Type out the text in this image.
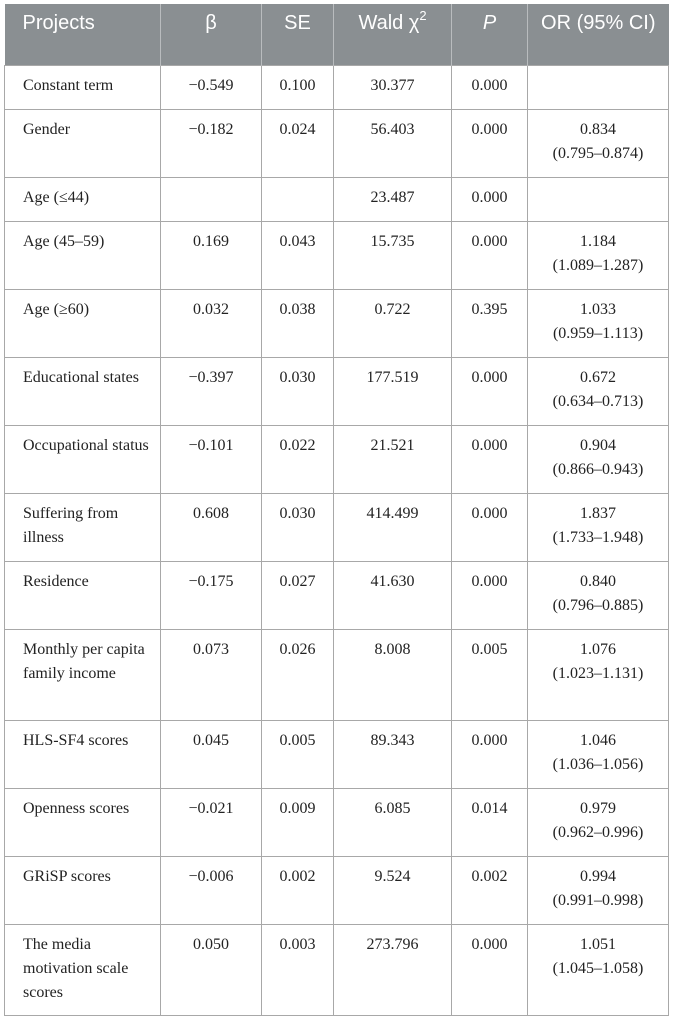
Projects	β	SE	Wald $\chi^2$	P	OR (95% CI)
Constant term	−0.549	0.100	30.377	0.000	

Gender	−0.182	0.024	56.403	0.000	0.834
(0.795–0.874)

Age (≤44)			23.487	0.000	

Age (45–59)	0.169	0.043	15.735	0.000	1.184
(1.089–1.287)

Age (≥60)	0.032	0.038	0.722	0.395	1.033
(0.959–1.113)

Educational states	−0.397	0.030	177.519	0.000	0.672
(0.634–0.713)

Occupational status	−0.101	0.022	21.521	0.000	0.904
(0.866–0.943)

Suffering from illness	0.608	0.030	414.499	0.000	1.837
(1.733–1.948)

Residence	−0.175	0.027	41.630	0.000	0.840
(0.796–0.885)

Monthly per capita family income	0.073	0.026	8.008	0.005	1.076
(1.023–1.131)

HLS-SF4 scores	0.045	0.005	89.343	0.000	1.046
(1.036–1.056)

Openness scores	−0.021	0.009	6.085	0.014	0.979
(0.962–0.996)

GRiSP scores	−0.006	0.002	9.524	0.002	0.994
(0.991–0.998)

The media motivation scale scores	0.050	0.003	273.796	0.000	1.051
(1.045–1.058)
